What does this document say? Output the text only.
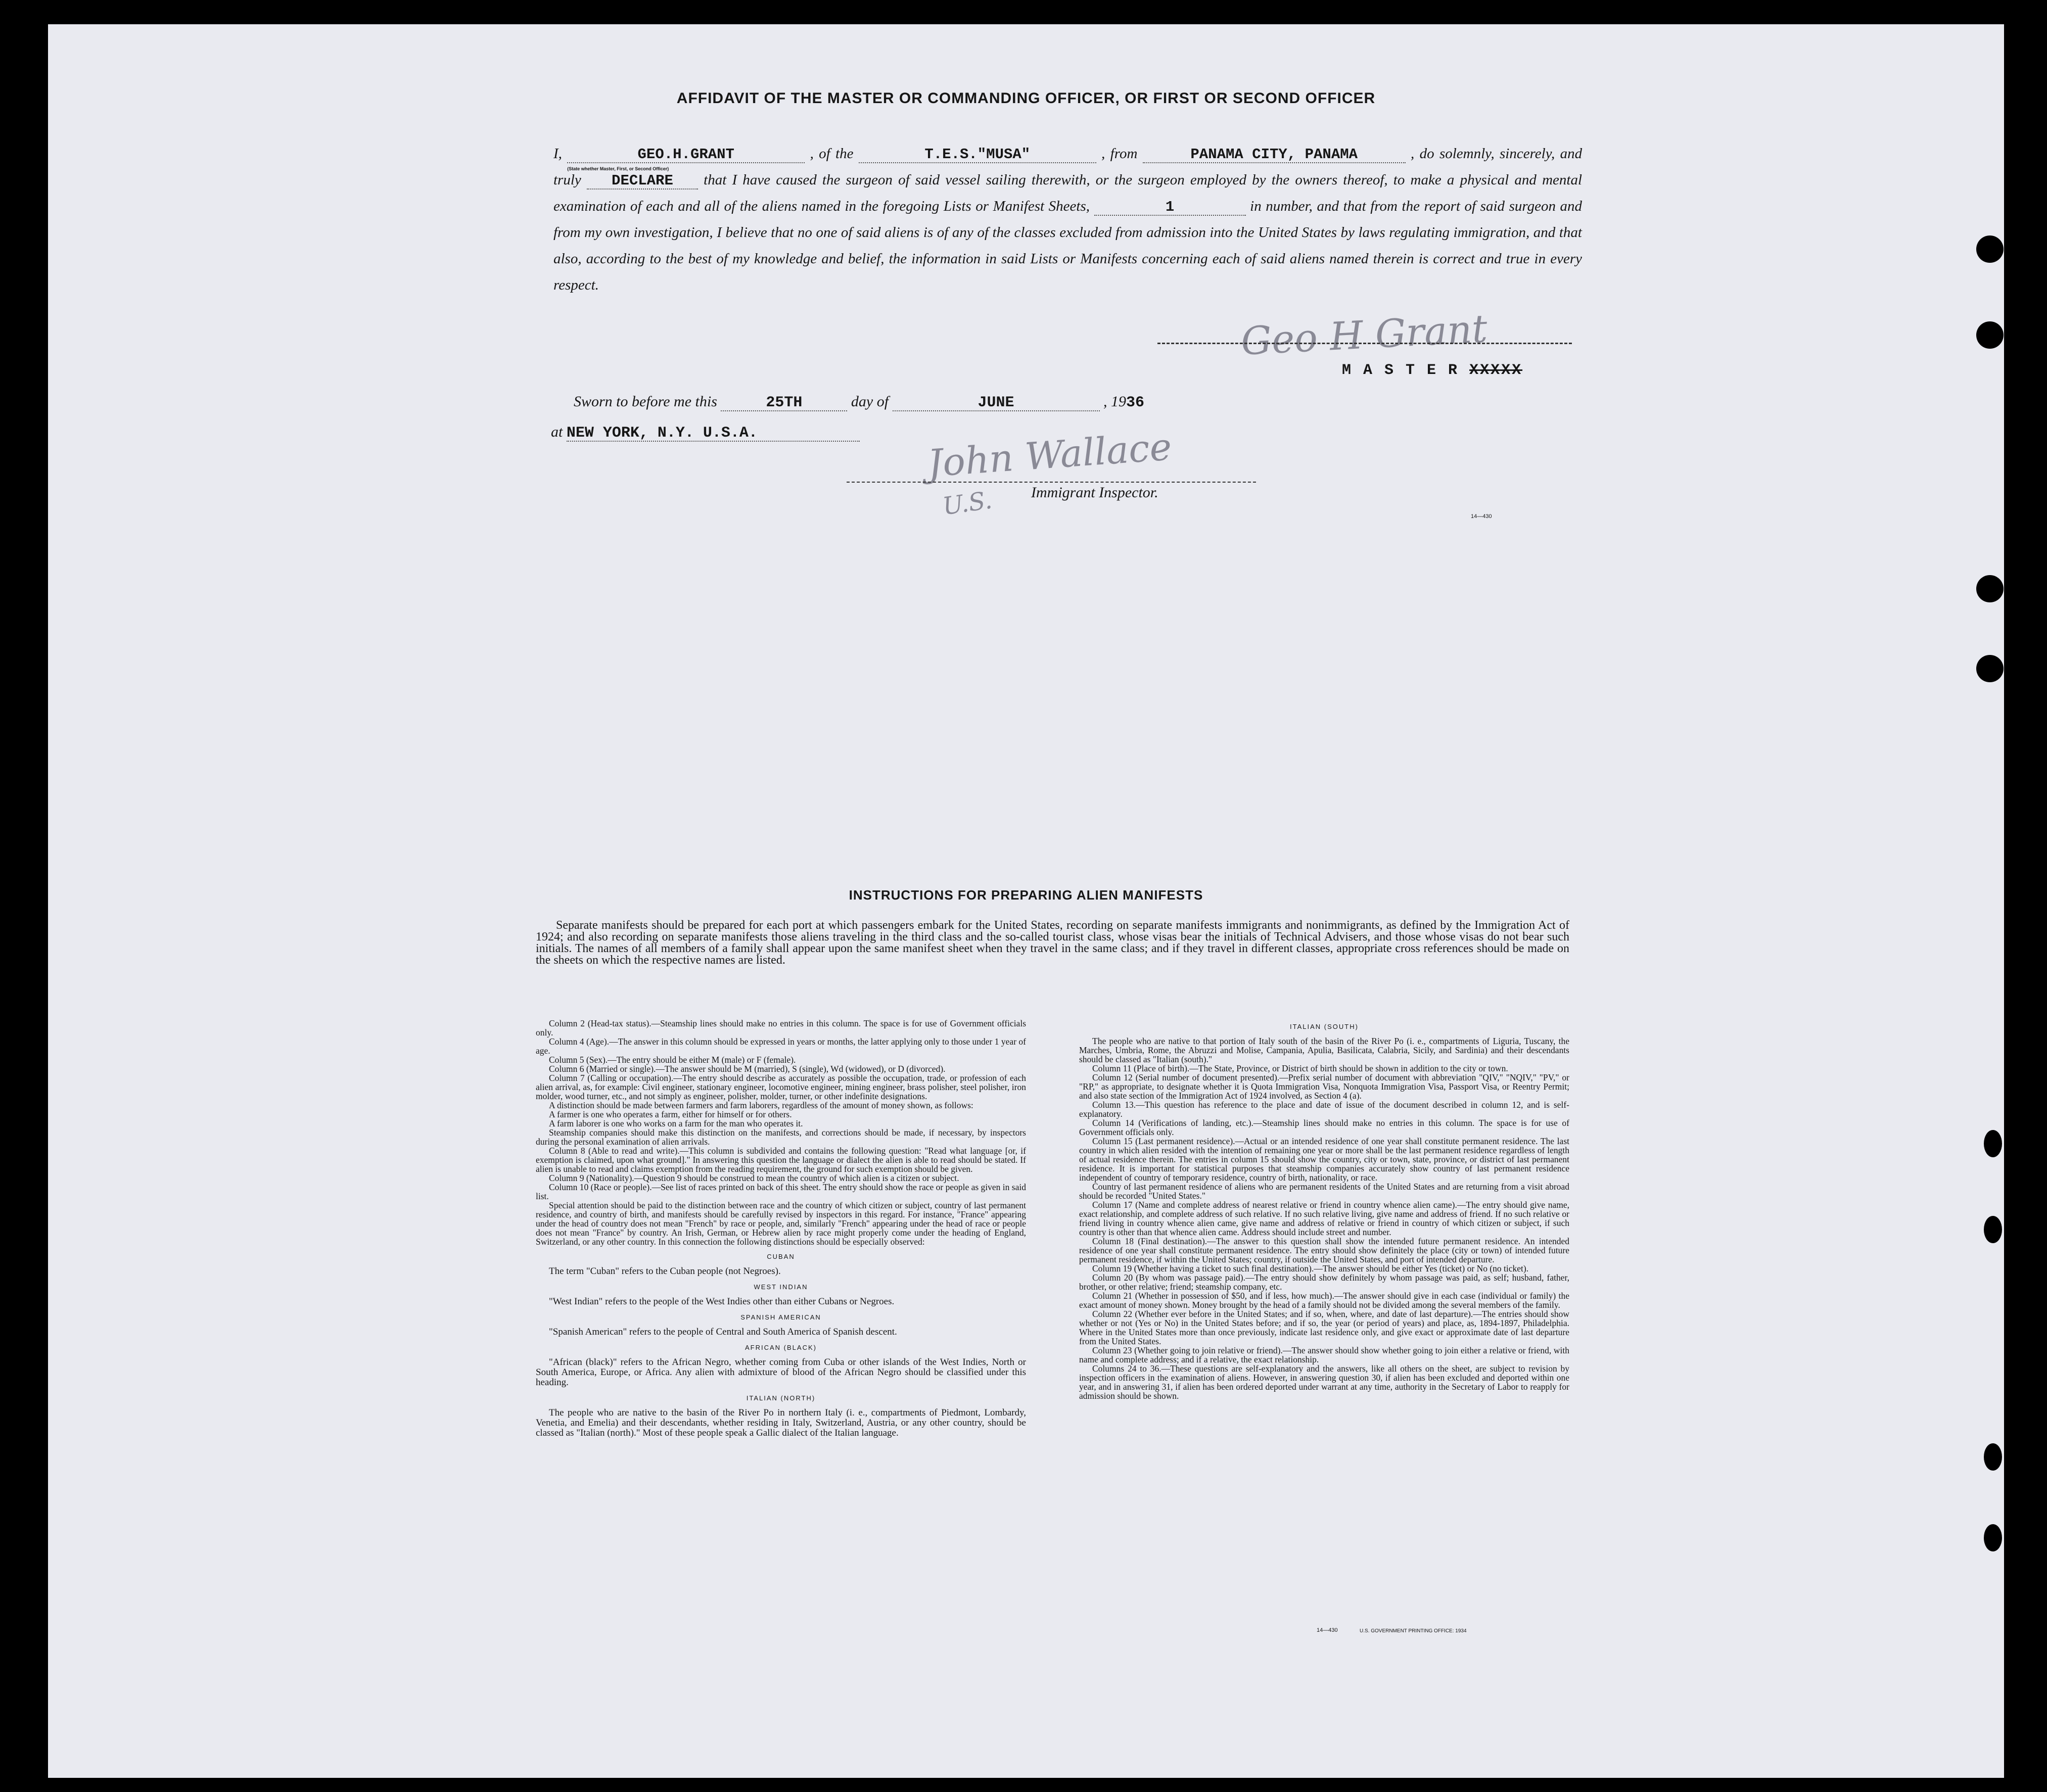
AFFIDAVIT OF THE MASTER OR COMMANDING OFFICER, OR FIRST OR SECOND OFFICER
I,	GEO.H.GRANT
(State whether Master, First, or Second Officer)
, of the	T.E.S."MUSA"	, from	PANAMA CITY, PANAMA	, do solemnly, sincerely, and truly DECLARE that I have caused the surgeon of said vessel sailing therewith, or the surgeon employed by the owners thereof, to make a physical and mental examination of each and all of the aliens named in the foregoing Lists or Manifest Sheets,	1	in number, and that from the report of said surgeon and from my own investigation, I believe that no one of said aliens is of any of the classes excluded from admission into the United States by laws regulating immigration, and that also, according to the best of my knowledge and belief, the information in said Lists or Manifests concerning each of said aliens named therein is correct and true in every respect.
Geo H Grant
M A S T E R XXXXX
Sworn to before me this	25TH	day of	JUNE	, 1936
at NEW YORK, N.Y. U.S.A.	John Wallace
U.S. Immigrant Inspector.
14—430
INSTRUCTIONS FOR PREPARING ALIEN MANIFESTS
Separate manifests should be prepared for each port at which passengers embark for the United States, recording on separate manifests immigrants and nonimmigrants, as defined by the Immigration Act of 1924; and also recording on separate manifests those aliens traveling in the third class and the so-called tourist class, whose visas bear the initials of Technical Advisers, and those whose visas do not bear such initials. The names of all members of a family shall appear upon the same manifest sheet when they travel in the same class; and if they travel in different classes, appropriate cross references should be made on the sheets on which the respective names are listed.

Column 2 (Head-tax status).—Steamship lines should make no entries in this column. The space is for use of Government officials only.

Column 4 (Age).—The answer in this column should be expressed in years or months, the latter applying only to those under 1 year of age.

Column 5 (Sex).—The entry should be either M (male) or F (female).

Column 6 (Married or single).—The answer should be M (married), S (single), Wd (widowed), or D (divorced).

Column 7 (Calling or occupation).—The entry should describe as accurately as possible the occupation, trade, or profession of each alien arrival, as, for example: Civil engineer, stationary engineer, locomotive engineer, mining engineer, brass polisher, steel polisher, iron molder, wood turner, etc., and not simply as engineer, polisher, molder, turner, or other indefinite designations.

A distinction should be made between farmers and farm laborers, regardless of the amount of money shown, as follows:

A farmer is one who operates a farm, either for himself or for others.

A farm laborer is one who works on a farm for the man who operates it.

Steamship companies should make this distinction on the manifests, and corrections should be made, if necessary, by inspectors during the personal examination of alien arrivals.

Column 8 (Able to read and write).—This column is subdivided and contains the following question: "Read what language [or, if exemption is claimed, upon what ground]." In answering this question the language or dialect the alien is able to read should be stated. If alien is unable to read and claims exemption from the reading requirement, the ground for such exemption should be given.

Column 9 (Nationality).—Question 9 should be construed to mean the country of which alien is a citizen or subject.

Column 10 (Race or people).—See list of races printed on back of this sheet. The entry should show the race or people as given in said list.

Special attention should be paid to the distinction between race and the country of which citizen or subject, country of last permanent residence, and country of birth, and manifests should be carefully revised by inspectors in this regard. For instance, "France" appearing under the head of country does not mean "French" by race or people, and, similarly "French" appearing under the head of race or people does not mean "France" by country. An Irish, German, or Hebrew alien by race might properly come under the heading of England, Switzerland, or any other country. In this connection the following distinctions should be especially observed:

CUBAN

The term "Cuban" refers to the Cuban people (not Negroes).

WEST INDIAN

"West Indian" refers to the people of the West Indies other than either Cubans or Negroes.

SPANISH AMERICAN

"Spanish American" refers to the people of Central and South America of Spanish descent.

AFRICAN (BLACK)

"African (black)" refers to the African Negro, whether coming from Cuba or other islands of the West Indies, North or South America, Europe, or Africa. Any alien with admixture of blood of the African Negro should be classified under this heading.

ITALIAN (NORTH)

The people who are native to the basin of the River Po in northern Italy (i. e., compartments of Piedmont, Lombardy, Venetia, and Emelia) and their descendants, whether residing in Italy, Switzerland, Austria, or any other country, should be classed as "Italian (north)." Most of these people speak a Gallic dialect of the Italian language.

ITALIAN (SOUTH)

The people who are native to that portion of Italy south of the basin of the River Po (i. e., compartments of Liguria, Tuscany, the Marches, Umbria, Rome, the Abruzzi and Molise, Campania, Apulia, Basilicata, Calabria, Sicily, and Sardinia) and their descendants should be classed as "Italian (south)."

Column 11 (Place of birth).—The State, Province, or District of birth should be shown in addition to the city or town.

Column 12 (Serial number of document presented).—Prefix serial number of document with abbreviation "QIV," "NQIV," "PV," or "RP," as appropriate, to designate whether it is Quota Immigration Visa, Nonquota Immigration Visa, Passport Visa, or Reentry Permit; and also state section of the Immigration Act of 1924 involved, as Section 4 (a).

Column 13.—This question has reference to the place and date of issue of the document described in column 12, and is self-explanatory.

Column 14 (Verifications of landing, etc.).—Steamship lines should make no entries in this column. The space is for use of Government officials only.

Column 15 (Last permanent residence).—Actual or an intended residence of one year shall constitute permanent residence. The last country in which alien resided with the intention of remaining one year or more shall be the last permanent residence regardless of length of actual residence therein. The entries in column 15 should show the country, city or town, state, province, or district of last permanent residence. It is important for statistical purposes that steamship companies accurately show country of last permanent residence independent of country of temporary residence, country of birth, nationality, or race.

Country of last permanent residence of aliens who are permanent residents of the United States and are returning from a visit abroad should be recorded "United States."

Column 17 (Name and complete address of nearest relative or friend in country whence alien came).—The entry should give name, exact relationship, and complete address of such relative. If no such relative living, give name and address of friend. If no such relative or friend living in country whence alien came, give name and address of relative or friend in country of which citizen or subject, if such country is other than that whence alien came. Address should include street and number.

Column 18 (Final destination).—The answer to this question shall show the intended future permanent residence. An intended residence of one year shall constitute permanent residence. The entry should show definitely the place (city or town) of intended future permanent residence, if within the United States; country, if outside the United States, and port of intended departure.

Column 19 (Whether having a ticket to such final destination).—The answer should be either Yes (ticket) or No (no ticket).

Column 20 (By whom was passage paid).—The entry should show definitely by whom passage was paid, as self; husband, father, brother, or other relative; friend; steamship company, etc.

Column 21 (Whether in possession of $50, and if less, how much).—The answer should give in each case (individual or family) the exact amount of money shown. Money brought by the head of a family should not be divided among the several members of the family.

Column 22 (Whether ever before in the United States; and if so, when, where, and date of last departure).—The entries should show whether or not (Yes or No) in the United States before; and if so, the year (or period of years) and place, as, 1894-1897, Philadelphia. Where in the United States more than once previously, indicate last residence only, and give exact or approximate date of last departure from the United States.

Column 23 (Whether going to join relative or friend).—The answer should show whether going to join either a relative or friend, with name and complete address; and if a relative, the exact relationship.

Columns 24 to 36.—These questions are self-explanatory and the answers, like all others on the sheet, are subject to revision by inspection officers in the examination of aliens. However, in answering question 30, if alien has been excluded and deported within one year, and in answering 31, if alien has been ordered deported under warrant at any time, authority in the Secretary of Labor to reapply for admission should be shown.

14—430	U.S. GOVERNMENT PRINTING OFFICE: 1934
